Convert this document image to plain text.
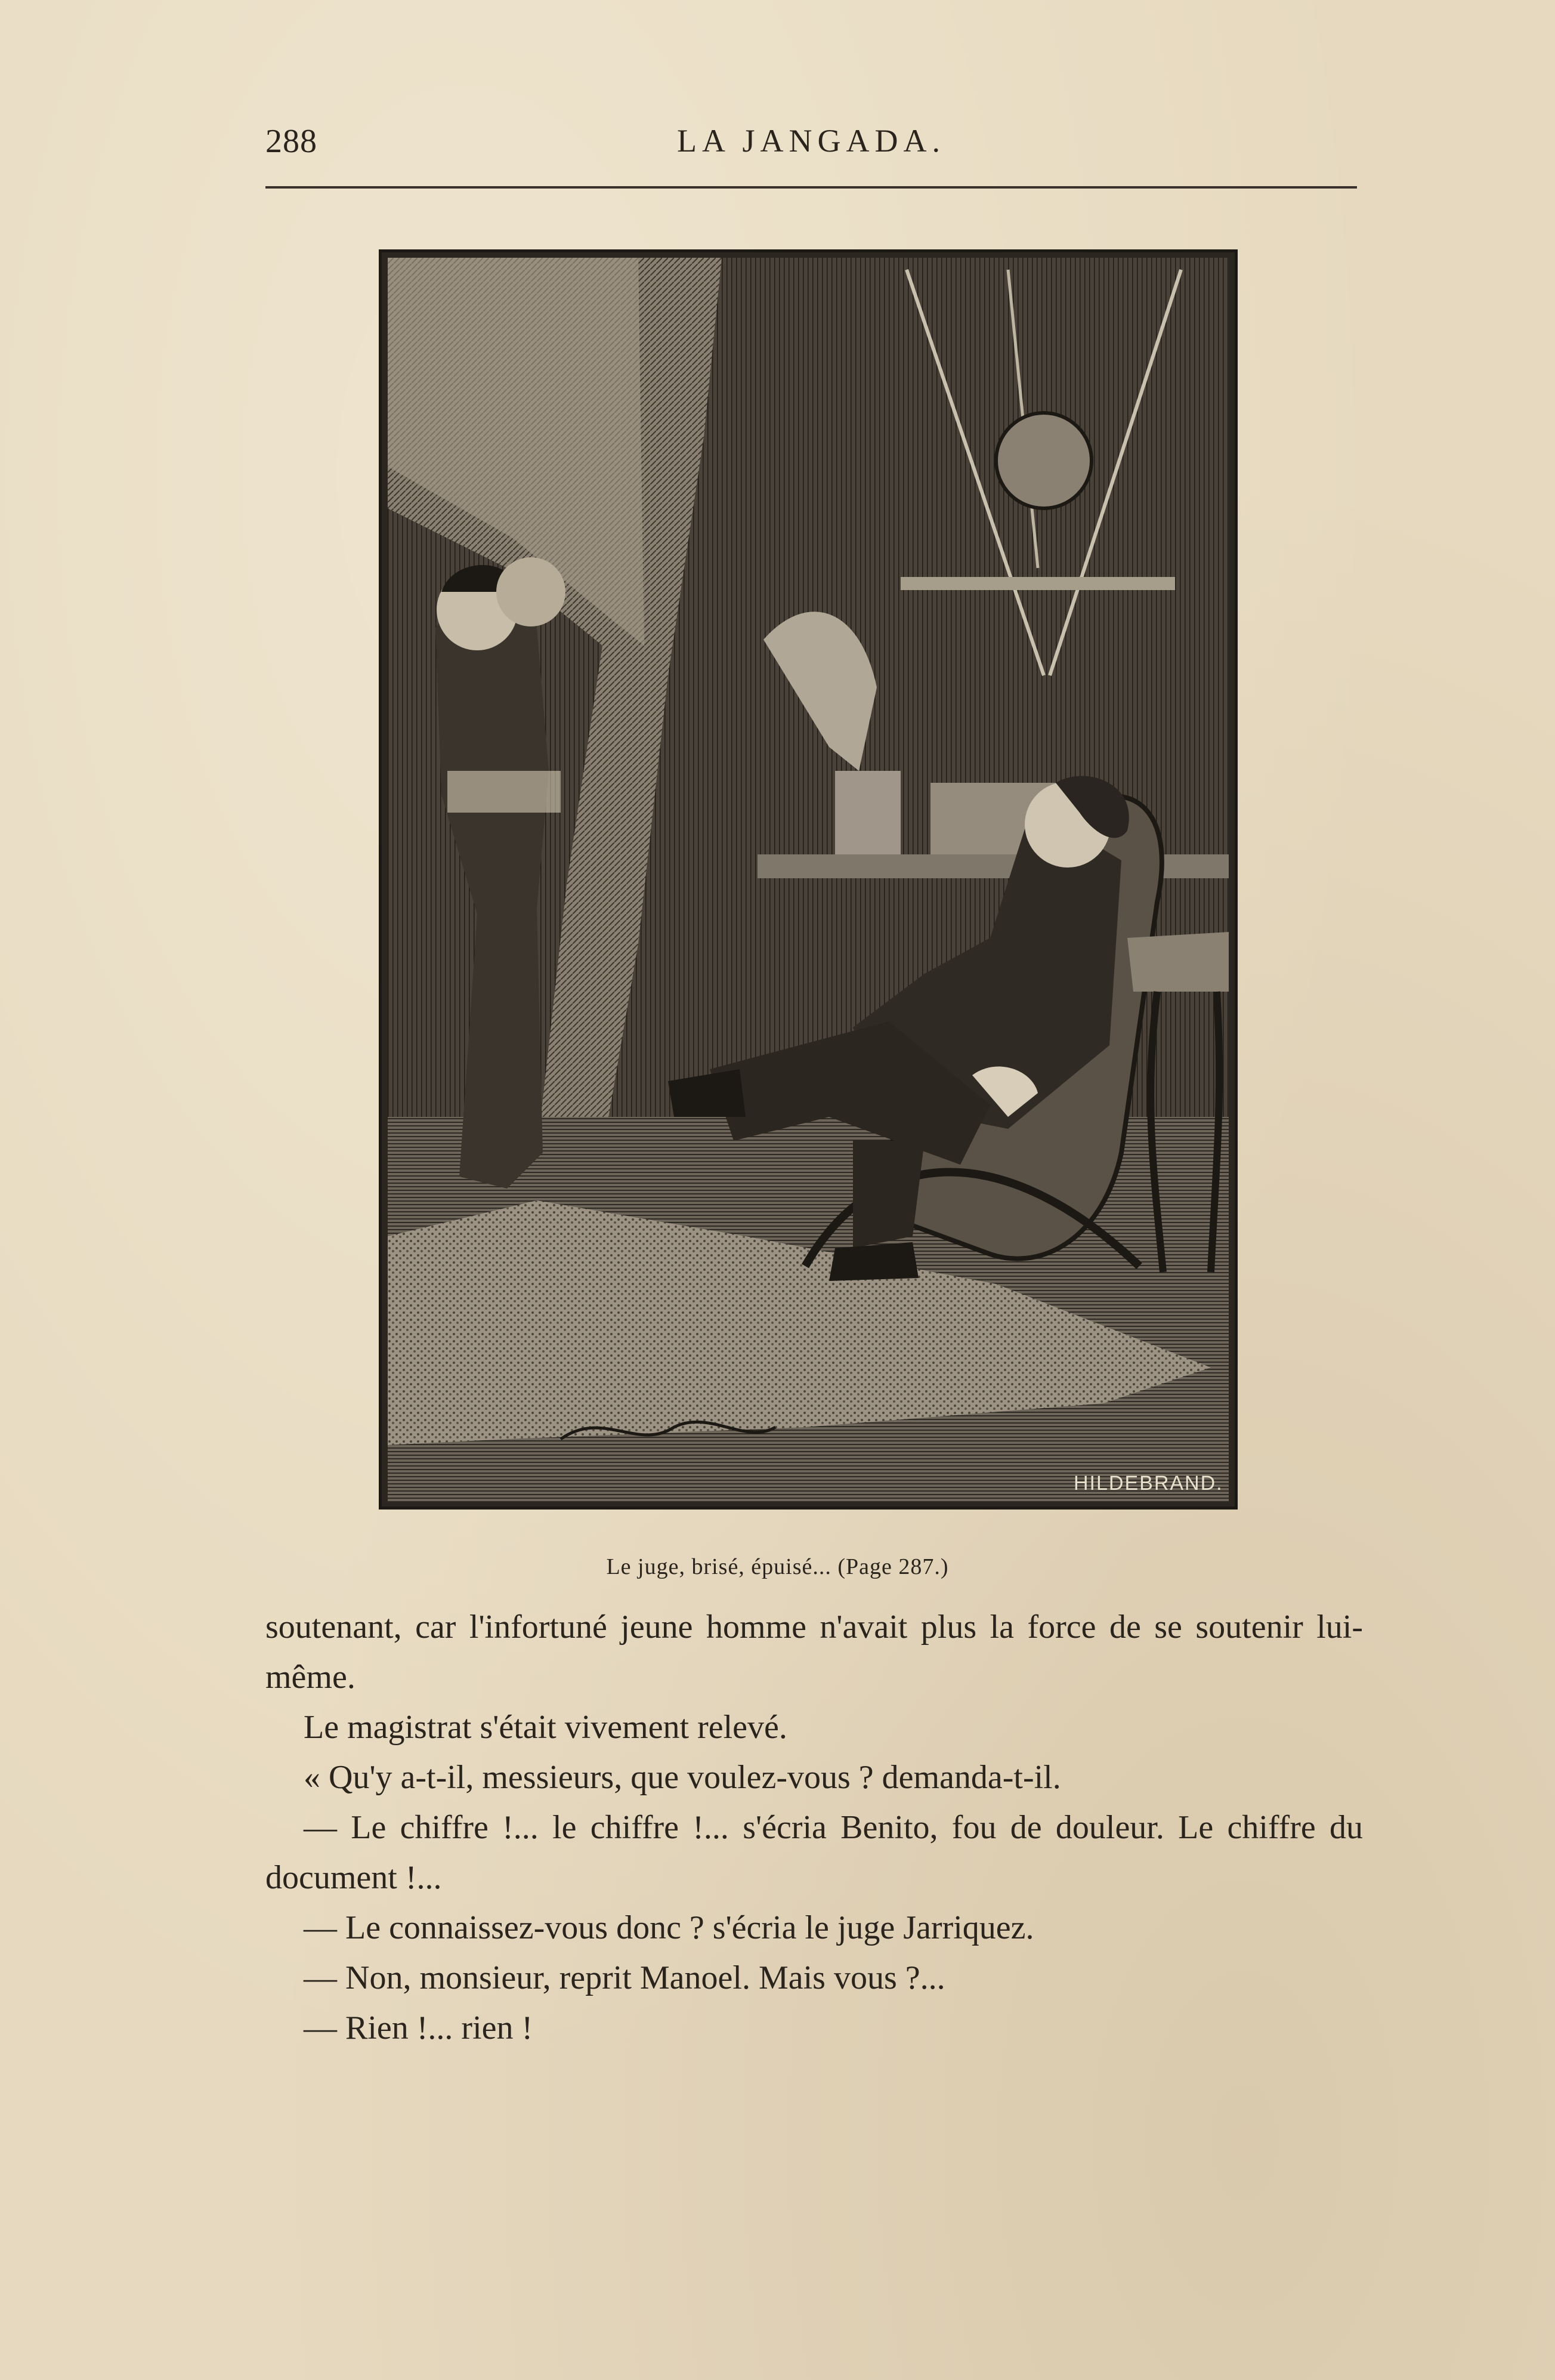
288	LA JANGADA.
HILDEBRAND.
Le juge, brisé, épuisé... (Page 287.)

soutenant, car l'infortuné jeune homme n'avait plus la force de se soutenir lui-même.

Le magistrat s'était vivement relevé.

« Qu'y a-t-il, messieurs, que voulez-vous ? demanda-t-il.

— Le chiffre !... le chiffre !... s'écria Benito, fou de douleur. Le chiffre du document !...

— Le connaissez-vous donc ? s'écria le juge Jarriquez.

— Non, monsieur, reprit Manoel. Mais vous ?...

— Rien !... rien !
